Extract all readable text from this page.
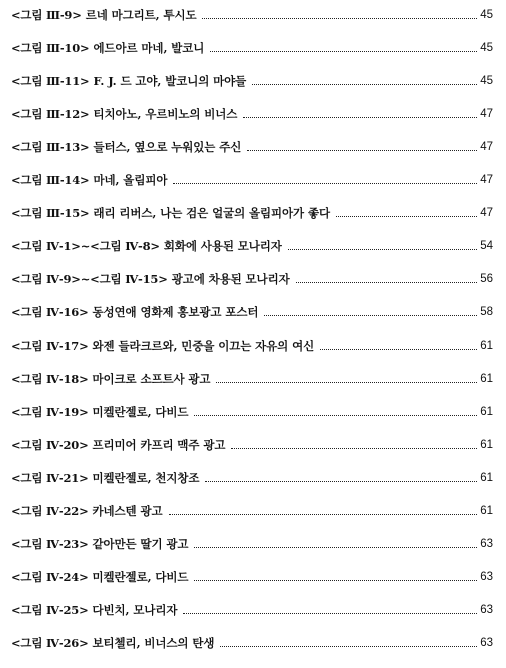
<그림 Ⅲ-9> 르네 마그리트, 투시도	45
<그림 Ⅲ-10> 에드아르 마네, 발코니	45
<그림 Ⅲ-11> F. J. 드 고야, 발코니의 마야들	45
<그림 Ⅲ-12> 티치아노, 우르비노의 비너스	47
<그림 Ⅲ-13> 들터스, 옆으로 누워있는 주신	47
<그림 Ⅲ-14> 마네, 올림피아	47
<그림 Ⅲ-15> 래리 리버스, 나는 검은 얼굴의 올림피아가 좋다	47
<그림 Ⅳ-1>~<그림 Ⅳ-8> 회화에 사용된 모나리자	54
<그림 Ⅳ-9>~<그림 Ⅳ-15> 광고에 차용된 모나리자	56
<그림 Ⅳ-16> 동성연애 영화제 홍보광고 포스터	58
<그림 Ⅳ-17> 와젠 들라크르와, 민중을 이끄는 자유의 여신	61
<그림 Ⅳ-18> 마이크로 소프트사 광고	61
<그림 Ⅳ-19> 미켈란젤로, 다비드	61
<그림 Ⅳ-20> 프리미어 카프리 맥주 광고	61
<그림 Ⅳ-21> 미켈란젤로, 천지창조	61
<그림 Ⅳ-22> 카네스텐 광고	61
<그림 Ⅳ-23> 같아만든 딸기 광고	63
<그림 Ⅳ-24> 미켈란젤로, 다비드	63
<그림 Ⅳ-25> 다빈치, 모나리자	63
<그림 Ⅳ-26> 보티첼리, 비너스의 탄생	63
